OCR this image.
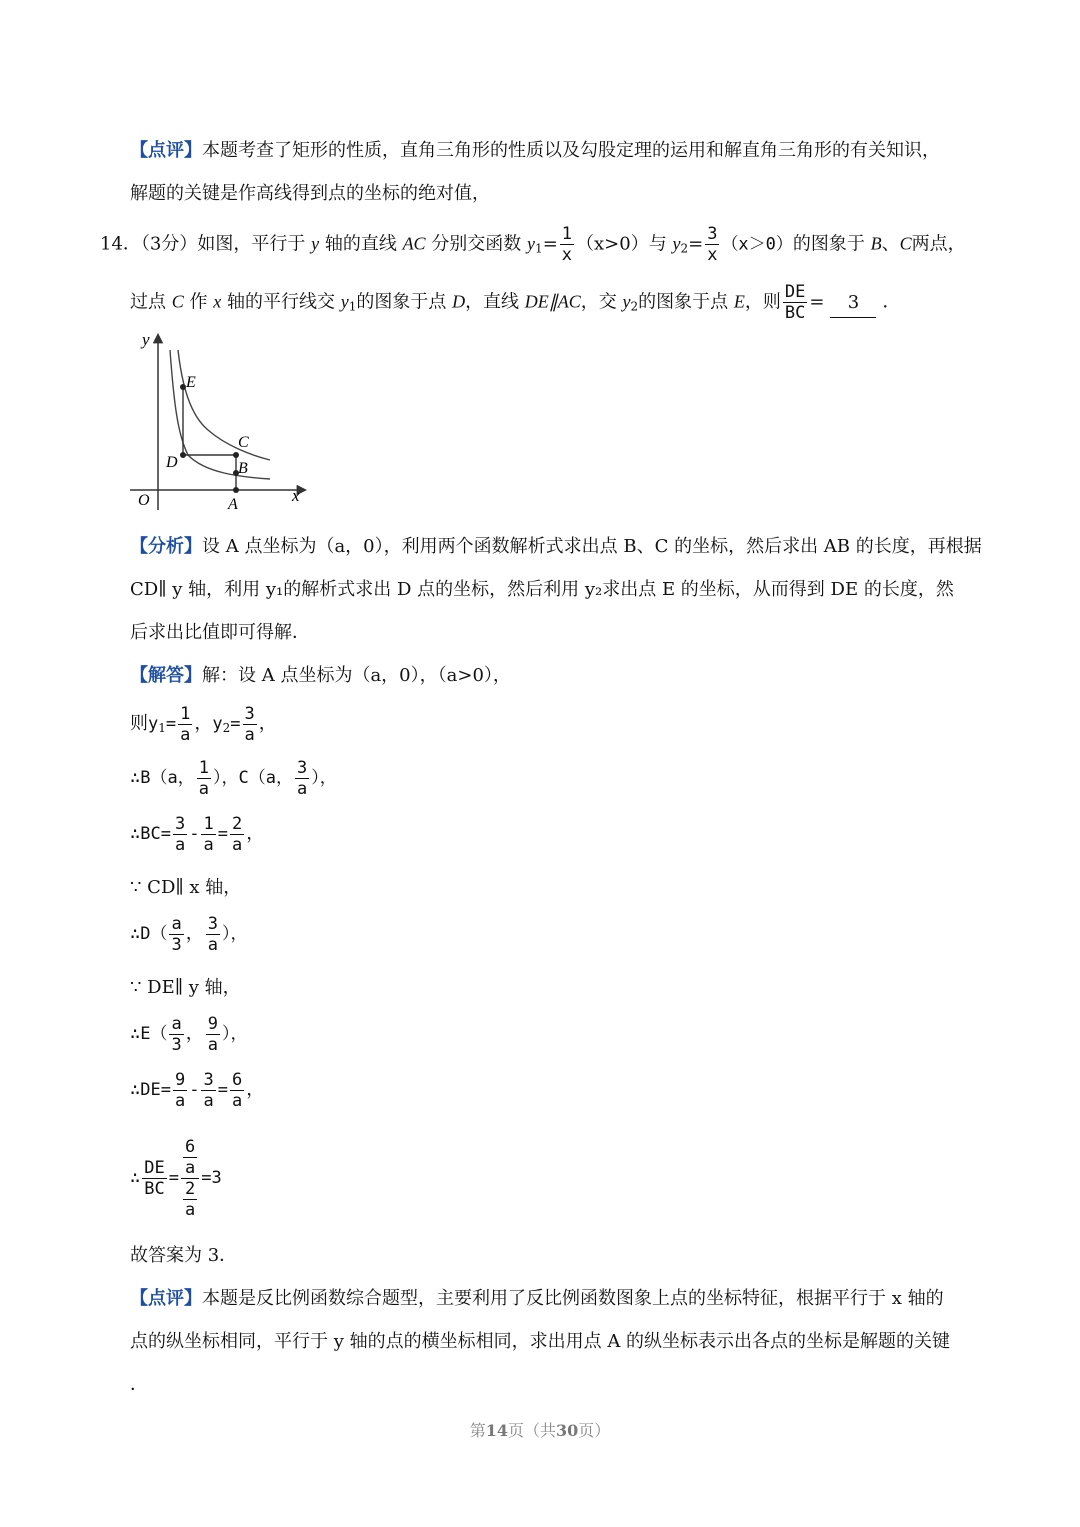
【点评】本题考查了矩形的性质，直角三角形的性质以及勾股定理的运用和解直角三角形的有关知识，
解题的关键是作高线得到点的坐标的绝对值，
14．（3分）如图，平行于 y 轴的直线 AC 分别交函数 $y_1= \frac{1}{x} (x>0)$与 $y_2= \frac{3}{x} (x>0)$的图象于 B、C两点，
过点 C 作 x 轴的平行线交 $y_1$的图象于点 D，直线 DE∥AC，交 $y_2$的图象于点 E，则 $\frac{DE}{BC} = 3$ ．
y
E
C
D	B
O	A	x
【分析】设 A 点坐标为（a，0），利用两个函数解析式求出点 B、C 的坐标，然后求出 AB 的长度，再根据
CD∥ y 轴，利用 y₁的解析式求出 D 点的坐标，然后利用 y₂求出点 E 的坐标，从而得到 DE 的长度，然
后求出比值即可得解．
【解答】解：设 A 点坐标为（a，0），（a>0），
则$y_1= \frac{1}{a}$ ，$y_2= \frac{3}{a}$ ，
∴B（a， $\frac{1}{a}$ ），C（a， $\frac{3}{a}$ ），
∴BC= $\frac{3}{a} - \frac{1}{a} = \frac{2}{a}$ ，
∵ CD∥ x 轴，
∴D（ $\frac{a}{3}$ ， $\frac{3}{a}$ ），
∵ DE∥ y 轴，
∴E（ $\frac{a}{3}$ ， $\frac{9}{a}$ ），
∴DE= $\frac{9}{a} - \frac{3}{a} = \frac{6}{a}$ ，
∴ $\frac{DE}{BC} = 6$
a
2
a =3
故答案为 3．
【点评】本题是反比例函数综合题型，主要利用了反比例函数图象上点的坐标特征，根据平行于 x 轴的
点的纵坐标相同，平行于 y 轴的点的横坐标相同，求出用点 A 的纵坐标表示出各点的坐标是解题的关键
．
第14页（共30页）
